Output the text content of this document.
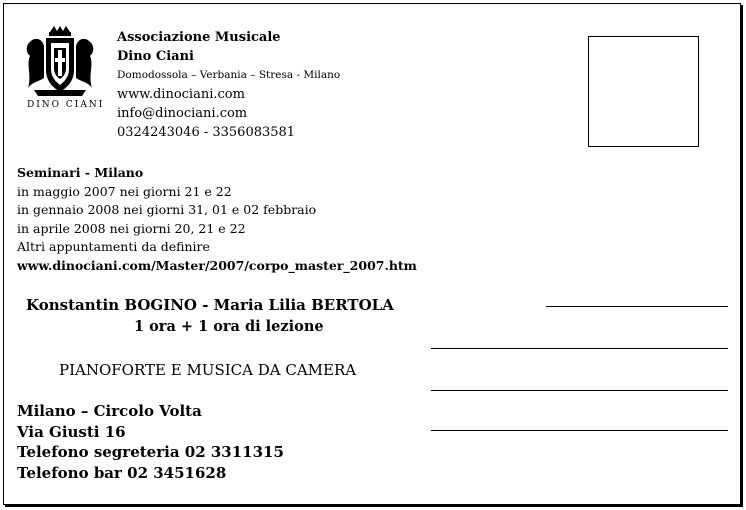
DINO CIANI
Associazione Musicale
Dino Ciani
Domodossola – Verbania – Stresa - Milano
www.dinociani.com
info@dinociani.com
0324243046 - 3356083581
Seminari - Milano
in maggio 2007 nei giorni 21 e 22
in gennaio 2008 nei giorni 31, 01 e 02 febbraio
in aprile 2008 nei giorni 20, 21 e 22
Altri appuntamenti da definire
www.dinociani.com/Master/2007/corpo_master_2007.htm
Konstantin BOGINO - Maria Lilia BERTOLA
1 ora + 1 ora di lezione
PIANOFORTE E MUSICA DA CAMERA
Milano – Circolo Volta
Via Giusti 16
Telefono segreteria 02 3311315
Telefono bar 02 3451628
